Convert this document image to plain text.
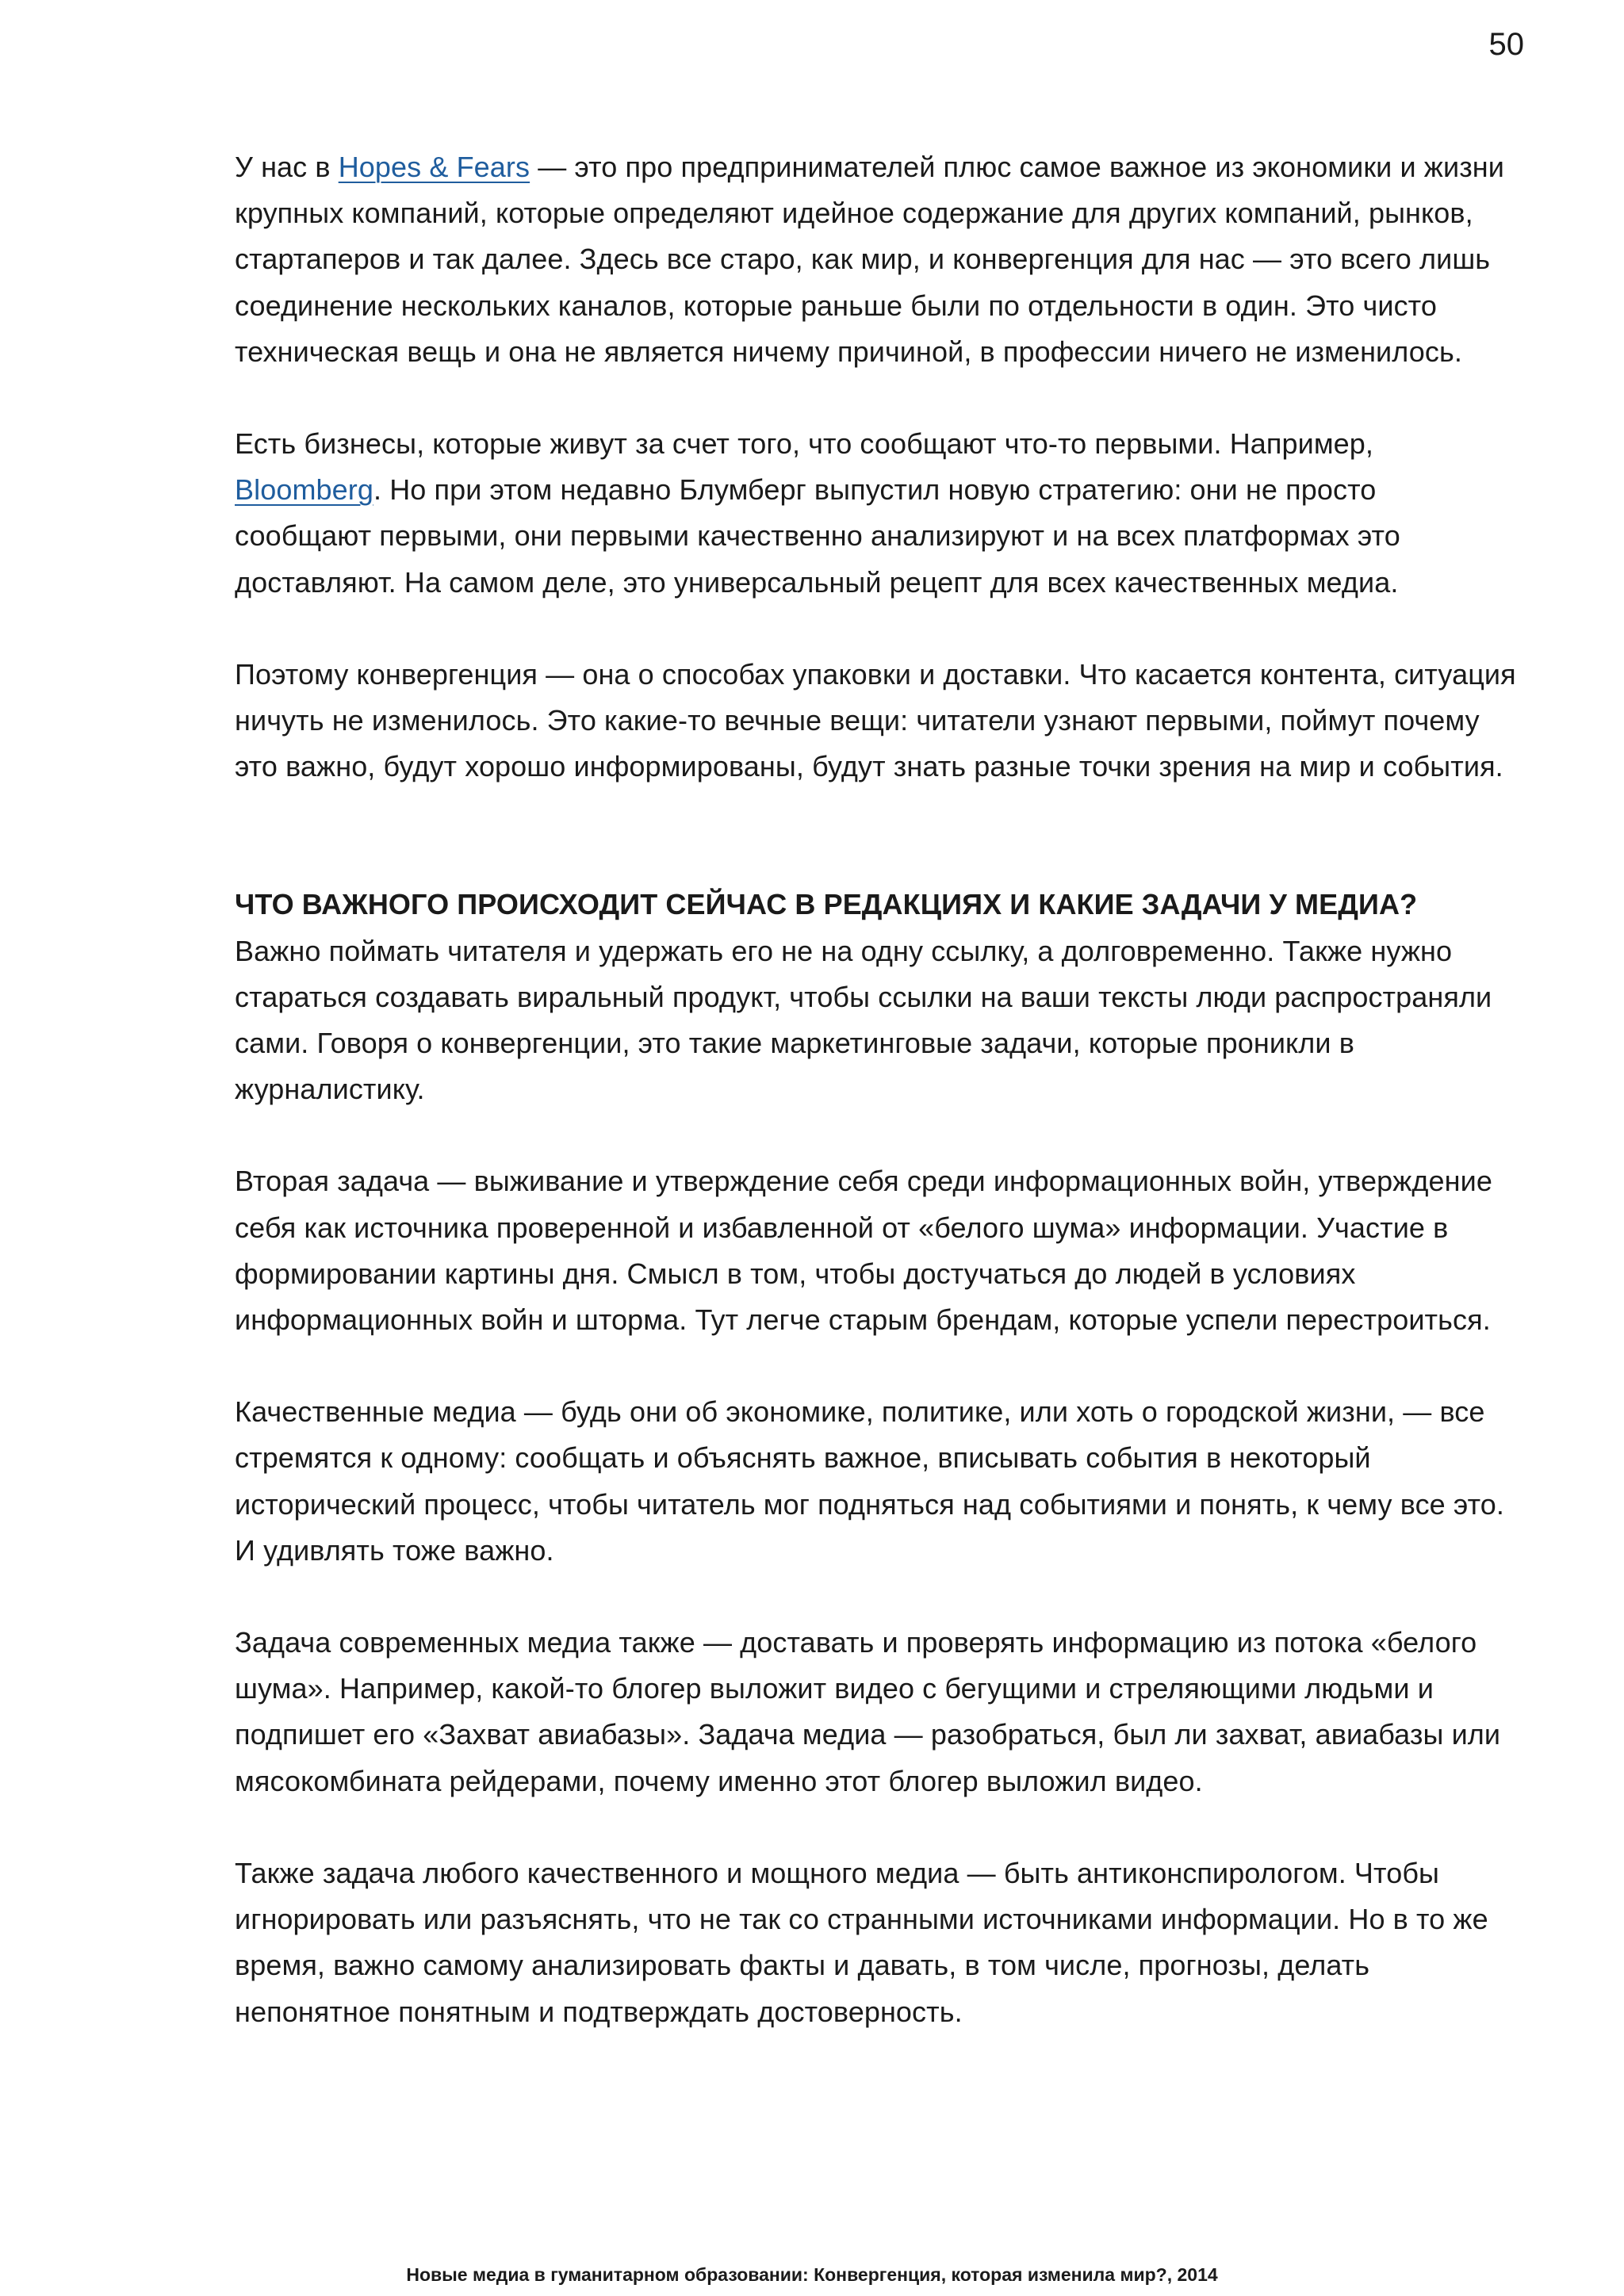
50

У нас в Hopes & Fears — это про предпринимателей плюс самое важное из экономики и жизни крупных компаний, которые определяют идейное содержание для других компаний, рынков, стартаперов и так далее. Здесь все старо, как мир, и конвергенция для нас — это всего лишь соединение нескольких каналов, которые раньше были по отдельности в один. Это чисто техническая вещь и она не является ничему причиной, в профессии ничего не изменилось.

Есть бизнесы, которые живут за счет того, что сообщают что-то первыми. Например, Bloomberg. Но при этом недавно Блумберг выпустил новую стратегию: они не просто сообщают первыми, они первыми качественно анализируют и на всех платформах это доставляют. На самом деле, это универсальный рецепт для всех качественных медиа.

Поэтому конвергенция — она о способах упаковки и доставки. Что касается контента, ситуация ничуть не изменилось. Это какие-то вечные вещи: читатели узнают первыми, поймут почему это важно, будут хорошо информированы, будут знать разные точки зрения на мир и события.

ЧТО ВАЖНОГО ПРОИСХОДИТ СЕЙЧАС В РЕДАКЦИЯХ И КАКИЕ ЗАДАЧИ У МЕДИА?

Важно поймать читателя и удержать его не на одну ссылку, а долговременно. Также нужно стараться создавать виральный продукт, чтобы ссылки на ваши тексты люди распространяли сами. Говоря о конвергенции, это такие маркетинговые задачи, которые проникли в журналистику.

Вторая задача — выживание и утверждение себя среди информационных войн, утверждение себя как источника проверенной и избавленной от «белого шума» информации. Участие в формировании картины дня. Смысл в том, чтобы достучаться до людей в условиях информационных войн и шторма. Тут легче старым брендам, которые успели перестроиться.

Качественные медиа — будь они об экономике, политике, или хоть о городской жизни, — все стремятся к одному: сообщать и объяснять важное, вписывать события в некоторый исторический процесс, чтобы читатель мог подняться над событиями и понять, к чему все это. И удивлять тоже важно.

Задача современных медиа также — доставать и проверять информацию из потока «белого шума». Например, какой-то блогер выложит видео с бегущими и стреляющими людьми и подпишет его «Захват авиабазы». Задача медиа — разобраться, был ли захват, авиабазы или мясокомбината рейдерами, почему именно этот блогер выложил видео.

Также задача любого качественного и мощного медиа — быть антиконспирологом. Чтобы игнорировать или разъяснять, что не так со странными источниками информации. Но в то же время, важно самому анализировать факты и давать, в том числе, прогнозы, делать непонятное понятным и подтверждать достоверность.

Новые медиа в гуманитарном образовании: Конвергенция, которая изменила мир?, 2014
